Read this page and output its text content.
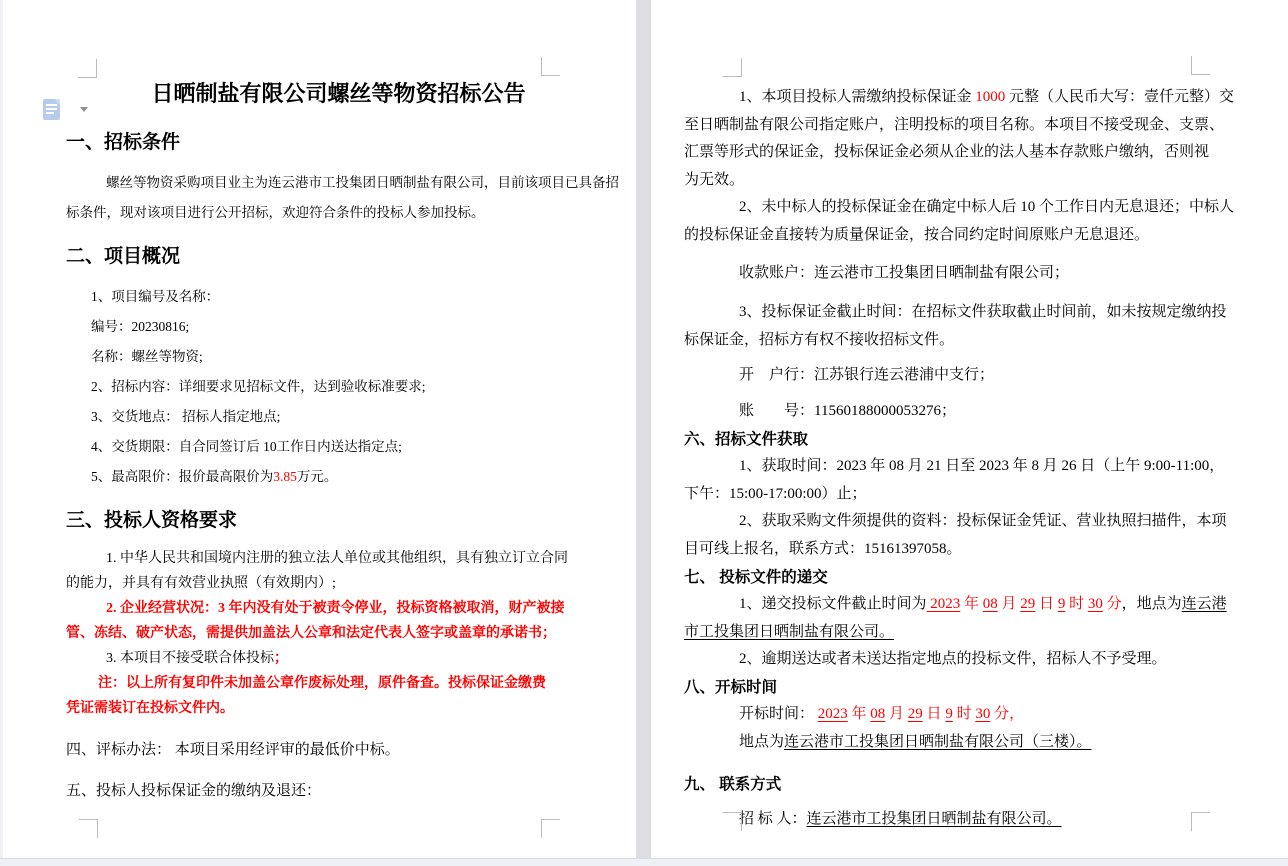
日晒制盐有限公司螺丝等物资招标公告
一、招标条件
螺丝等物资采购项目业主为连云港市工投集团日晒制盐有限公司，目前该项目已具备招
标条件，现对该项目进行公开招标，欢迎符合条件的投标人参加投标。
二、项目概况
1、项目编号及名称：
编号：20230816;
名称：螺丝等物资;
2、招标内容：详细要求见招标文件，达到验收标准要求;
3、交货地点： 招标人指定地点;
4、交货期限：自合同签订后 10工作日内送达指定点;
5、最高限价：报价最高限价为3.85万元。
三、投标人资格要求
1. 中华人民共和国境内注册的独立法人单位或其他组织，具有独立订立合同
的能力，并具有有效营业执照（有效期内）;
2. 企业经营状况：3 年内没有处于被责令停业，投标资格被取消，财产被接
管、冻结、破产状态，需提供加盖法人公章和法定代表人签字或盖章的承诺书；
3. 本项目不接受联合体投标；
注：以上所有复印件未加盖公章作废标处理，原件备查。投标保证金缴费
凭证需装订在投标文件内。
四、评标办法： 本项目采用经评审的最低价中标。
五、投标人投标保证金的缴纳及退还：
1、本项目投标人需缴纳投标保证金 1000 元整（人民币大写：壹仟元整）交
至日晒制盐有限公司指定账户，注明投标的项目名称。本项目不接受现金、支票、
汇票等形式的保证金，投标保证金必须从企业的法人基本存款账户缴纳，否则视
为无效。
2、未中标人的投标保证金在确定中标人后 10 个工作日内无息退还；中标人
的投标保证金直接转为质量保证金，按合同约定时间原账户无息退还。
收款账户：连云港市工投集团日晒制盐有限公司；
3、投标保证金截止时间：在招标文件获取截止时间前，如未按规定缴纳投
标保证金，招标方有权不接收招标文件。
开　户行：江苏银行连云港浦中支行；
账　　号：11560188000053276；
六、招标文件获取
1、获取时间：2023 年 08 月 21 日至 2023 年 8 月 26 日（上午 9:00-11:00，
下午：15:00-17:00:00）止；
2、获取采购文件须提供的资料：投标保证金凭证、营业执照扫描件，本项
目可线上报名，联系方式：15161397058。
七、 投标文件的递交
1、递交投标文件截止时间为 2023 年 08 月 29 日 9 时 30 分，地点为连云港
市工投集团日晒制盐有限公司。
2、逾期送达或者未送达指定地点的投标文件，招标人不予受理。
八、开标时间
开标时间： 2023 年 08 月 29 日 9 时 30 分，
地点为连云港市工投集团日晒制盐有限公司（三楼）。
九、 联系方式
招 标 人：连云港市工投集团日晒制盐有限公司。
